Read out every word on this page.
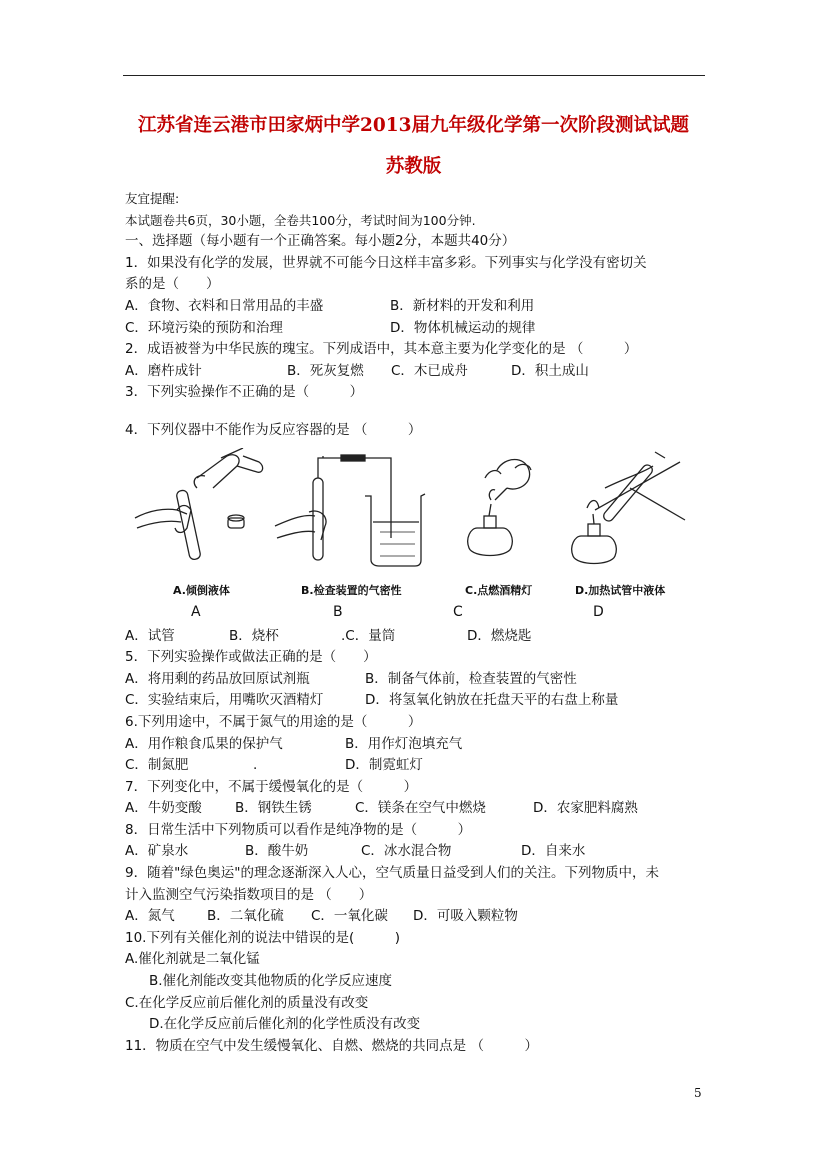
江苏省连云港市田家炳中学2013届九年级化学第一次阶段测试试题
苏教版
友宜提醒:
本试题卷共6页，30小题，全卷共100分，考试时间为100分钟.
一、选择题（每小题有一个正确答案。每小题2分，本题共40分）
1．如果没有化学的发展，世界就不可能今日这样丰富多彩。下列事实与化学没有密切关
系的是（　　）
A．食物、衣料和日常用品的丰盛	B．新材料的开发和利用
C．环境污染的预防和治理	D．物体机械运动的规律
2．成语被誉为中华民族的瑰宝。下列成语中，其本意主要为化学变化的是 （　　　）
A．磨杵成针	B．死灰复燃	C．木已成舟	D．积土成山
3．下列实验操作不正确的是（　　　）
4．下列仪器中不能作为反应容器的是 （　　　）
A.倾倒液体	B.检查装置的气密性	C.点燃酒精灯	D.加热试管中液体
A	B	C	D
A．试管	B．烧杯	.C．量筒	D．燃烧匙
5．下列实验操作或做法正确的是（　　）
A．将用剩的药品放回原试剂瓶	B．制备气体前，检查装置的气密性
C．实验结束后，用嘴吹灭酒精灯	D．将氢氧化钠放在托盘天平的右盘上称量
6.下列用途中，不属于氮气的用途的是（　　　）
A．用作粮食瓜果的保护气	B．用作灯泡填充气
C．制氮肥	.	D．制霓虹灯
7．下列变化中，不属于缓慢氧化的是（　　　）
A．牛奶变酸	B．钢铁生锈	C．镁条在空气中燃烧	D．农家肥料腐熟
8．日常生活中下列物质可以看作是纯净物的是（　　　）
A．矿泉水	B．酸牛奶	C．冰水混合物	D．自来水
9．随着"绿色奥运"的理念逐渐深入人心，空气质量日益受到人们的关注。下列物质中，未
计入监测空气污染指数项目的是 （　　）
A．氮气	B．二氧化硫	C．一氧化碳	D．可吸入颗粒物
10.下列有关催化剂的说法中错误的是(　　　)
A.催化剂就是二氧化锰
B.催化剂能改变其他物质的化学反应速度
C.在化学反应前后催化剂的质量没有改变
D.在化学反应前后催化剂的化学性质没有改变
11．物质在空气中发生缓慢氧化、自燃、燃烧的共同点是 （　　　）
5
